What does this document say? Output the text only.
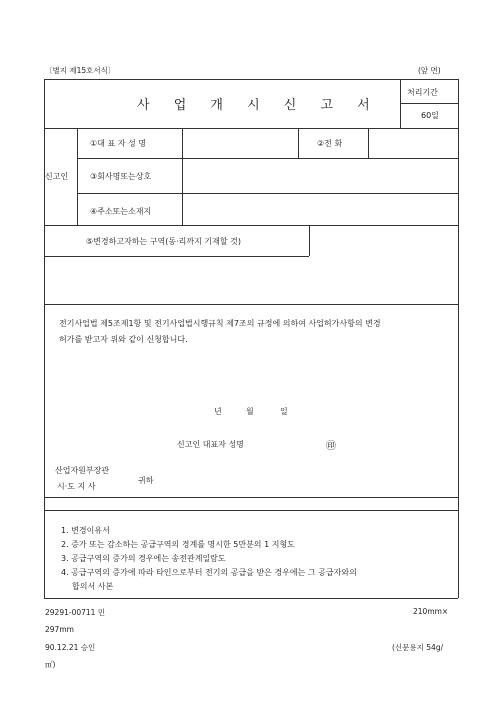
〔별지 제15호서식〕	(앞 면)
사 업 개 시 신 고 서
처리기간
60일
신고인
①대 표 자 성 명	②전 화
③회사명또는상호
④주소또는소재지
⑤변경하고자하는 구역(동·리까지 기재할 것)
전기사업법 제5조제1항 및 전기사업법시행규칙 제7조의 규정에 의하여 사업허가사항의 변경
허가를 받고자 위와 같이 신청합니다.
년	월	일
신고인 대표자 성명	㊞
산업자원부장관
시·도 지 사
귀하
1. 변경이유서
2. 증가 또는 감소하는 공급구역의 경계를 명시한 5만분의 1 지형도
3. 공급구역의 증가의 경우에는 송전관계일람도
4. 공급구역의 증가에 따라 타인으로부터 전기의 공급을 받은 경우에는 그 공급자와의
합의서 사본
29291-00711 민	210mm×
297mm
90.12.21 승인	(신문용지 54g/
㎡)
